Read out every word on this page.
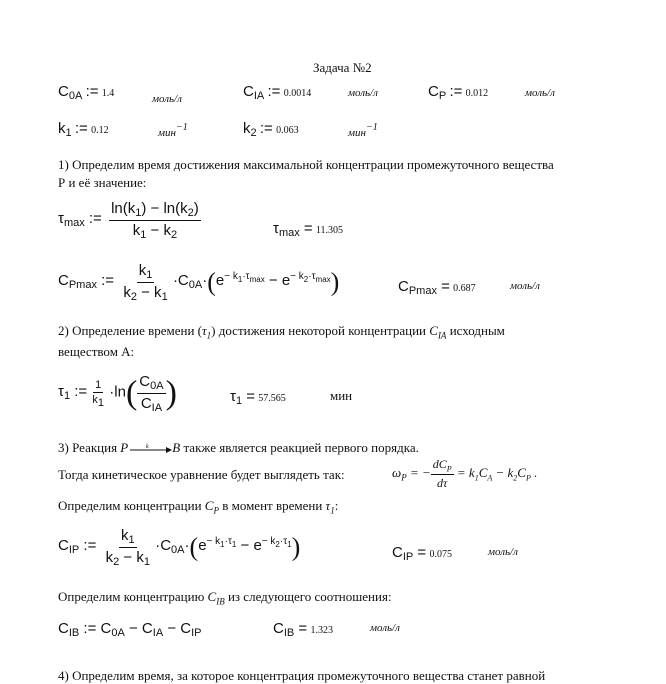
Задача №2
$C_{0A}$ := 1.4	моль/л	$C_{IA}$ := 0.0014	моль/л	$C_P$ := 0.012	моль/л
$k_1$ := 0.12	мин−1	$k_2$ := 0.063	мин−1
1) Определим время достижения максимальной концентрации промежуточного вещества
Р и её значение:
$\tau_{max}$ := $\frac{\ln(k_1) - \ln(k_2)}{k_1 - k_2}$	$\tau_{max} = 11.305$
$C_{Pmax}$ := $\frac{k_1}{k_2 - k_1} \cdot C_{0A}\cdot(e^{- k_1\cdot\tau_{max}} - e^{- k_2\cdot\tau_{max}})$	$C_{Pmax} = 0.687$	моль/л
2) Определение времени $(\tau_1)$ достижения некоторой концентрации $C_{IA}$ исходным
веществом А:
$\tau_1$ := $\frac{1}{k_1} \cdot\ln( \frac{C_{0A}}{C_{IA}}$ )	$\tau_1 = 57.565$	мин
3) Реакция P	k B также является реакцией первого порядка.
Тогда кинетическое уравнение будет выглядеть так:	$\omega_P$ = − $\frac{dC_P}{d\tau} = k_1C_A - k_2C_P$ .
Определим концентрации $C_P$ в момент времени $\tau_1$:
$C_{IP}$ := $\frac{k_1}{k_2 - k_1} \cdot C_{0A}\cdot(e^{- k_1\cdot\tau_1} - e^{- k_2\cdot\tau_1})$	$C_{IP} = 0.075$	моль/л
Определим концентрацию $C_{IB}$ из следующего соотношения:
$C_{IB}$ := $C_{0A} - C_{IA} - C_{IP}$	$C_{IB} = 1.323$	моль/л
4) Определим время, за которое концентрация промежуточного вещества станет равной
